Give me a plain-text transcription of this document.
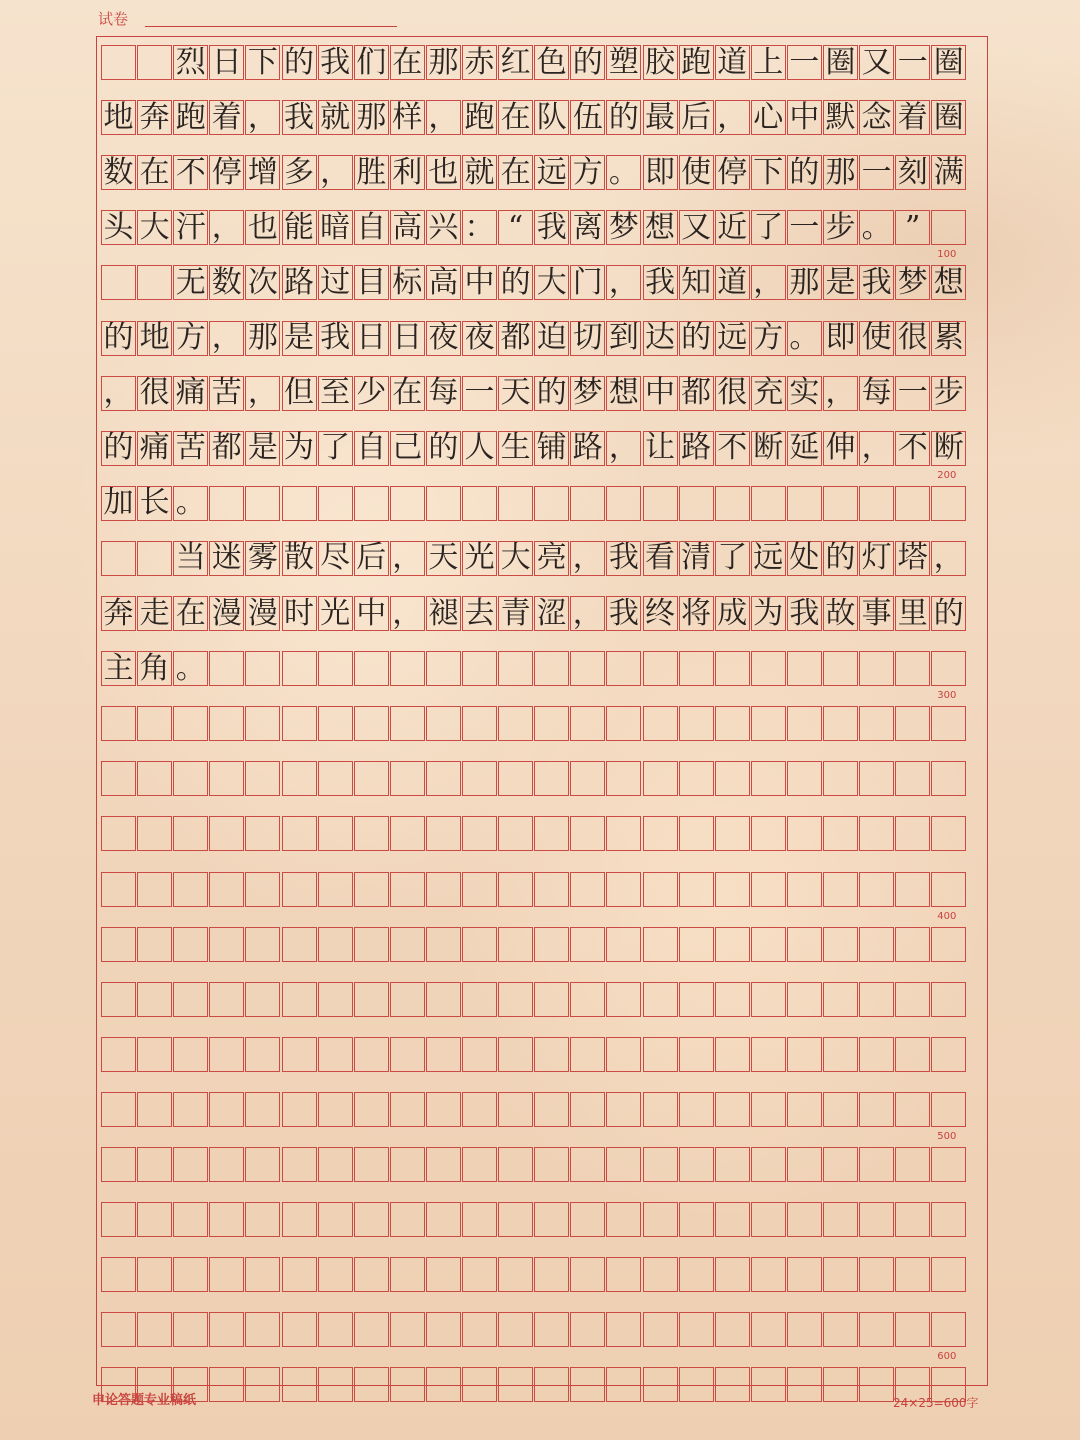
试卷
烈 日 下 的 我 们 在 那 赤 红 色 的 塑 胶 跑 道 上 一 圈 又 一 圈
地 奔 跑 着 ， 我 就 那 样 ， 跑 在 队 伍 的 最 后 ， 心 中 默 念 着 圈
数 在 不 停 增 多 ， 胜 利 也 就 在 远 方 。 即 使 停 下 的 那 一 刻 满
头 大 汗 ， 也 能 暗 自 高 兴 ： “ 我 离 梦 想 又 近 了 一 步 。 ”
无 数 次 路 过 目 标 高 中 的 大 门 ， 我 知 道 ， 那 是 我 梦 想
的 地 方 ， 那 是 我 日 日 夜 夜 都 迫 切 到 达 的 远 方 。 即 使 很 累
， 很 痛 苦 ， 但 至 少 在 每 一 天 的 梦 想 中 都 很 充 实 ， 每 一 步
的 痛 苦 都 是 为 了 自 己 的 人 生 铺 路 ， 让 路 不 断 延 伸 ， 不 断
加 长 。
当 迷 雾 散 尽 后 ， 天 光 大 亮 ， 我 看 清 了 远 处 的 灯 塔 ，
奔 走 在 漫 漫 时 光 中 ， 褪 去 青 涩 ， 我 终 将 成 为 我 故 事 里 的
主 角 。
100
200
300
400
500
600
申论答题专业稿纸	24×25=600字
